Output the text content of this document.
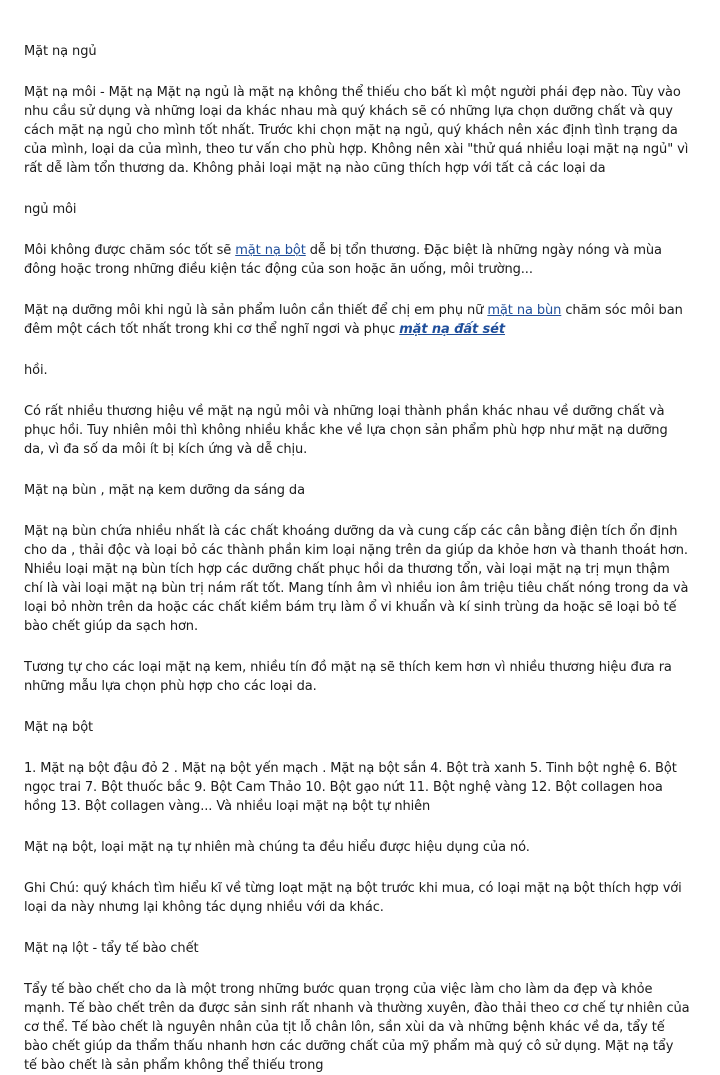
Mặt nạ ngủ

Mặt nạ môi - Mặt nạ Mặt nạ ngủ là mặt nạ không thể thiếu cho bất kì một người phái đẹp nào. Tùy vào nhu cầu sử dụng và những loại da khác nhau mà quý khách sẽ có những lựa chọn dưỡng chất và quy cách mặt nạ ngủ cho mình tốt nhất. Trước khi chọn mặt nạ ngủ, quý khách nên xác định tình trạng da của mình, loại da của mình, theo tư vấn cho phù hợp. Không nên xài "thử quá nhiều loại mặt nạ ngủ" vì rất dễ làm tổn thương da. Không phải loại mặt nạ nào cũng thích hợp với tất cả các loại da

ngủ môi

Môi không được chăm sóc tốt sẽ mặt nạ bột dễ bị tổn thương. Đặc biệt là những ngày nóng và mùa đông hoặc trong những điều kiện tác động của son hoặc ăn uống, môi trường...

Mặt nạ dưỡng môi khi ngủ là sản phẩm luôn cần thiết để chị em phụ nữ mặt na bùn chăm sóc môi ban đêm một cách tốt nhất trong khi cơ thể nghĩ ngơi và phục mặt nạ đất sét

hồi.

Có rất nhiều thương hiệu về mặt nạ ngủ môi và những loại thành phần khác nhau về dưỡng chất và phục hồi. Tuy nhiên môi thì không nhiều khắc khe về lựa chọn sản phẩm phù hợp như mặt nạ dưỡng da, vì đa số da môi ít bị kích ứng và dễ chịu.

Mặt nạ bùn , mặt nạ kem dưỡng da sáng da

Mặt nạ bùn chứa nhiều nhất là các chất khoáng dưỡng da và cung cấp các cân bằng điện tích ổn định cho da , thải độc và loại bỏ các thành phần kim loại nặng trên da giúp da khỏe hơn và thanh thoát hơn. Nhiều loại mặt nạ bùn tích hợp các dưỡng chất phục hồi da thương tổn, vài loại mặt nạ trị mụn thậm chí là vài loại mặt nạ bùn trị nám rất tốt. Mang tính âm vì nhiều ion âm triệu tiêu chất nóng trong da và loại bỏ nhờn trên da hoặc các chất kiềm bám trụ làm ổ vi khuẩn và kí sinh trùng da hoặc sẽ loại bỏ tế bào chết giúp da sạch hơn.

Tương tự cho các loại mặt nạ kem, nhiều tín đồ mặt nạ sẽ thích kem hơn vì nhiều thương hiệu đưa ra những mẫu lựa chọn phù hợp cho các loại da.

Mặt nạ bột

1. Mặt nạ bột đậu đỏ 2 . Mặt nạ bột yến mạch . Mặt nạ bột sắn 4. Bột trà xanh 5. Tinh bột nghệ 6. Bột ngọc trai 7. Bột thuốc bắc 9. Bột Cam Thảo 10. Bột gạo nứt 11. Bột nghệ vàng 12. Bột collagen hoa hồng 13. Bột collagen vàng... Và nhiều loại mặt nạ bột tự nhiên

Mặt nạ bột, loại mặt nạ tự nhiên mà chúng ta đều hiểu được hiệu dụng của nó.

Ghi Chú: quý khách tìm hiểu kĩ về từng loạt mặt nạ bột trước khi mua, có loại mặt nạ bột thích hợp với loại da này nhưng lại không tác dụng nhiều với da khác.

Mặt nạ lột - tẩy tế bào chết

Tẩy tế bào chết cho da là một trong những bước quan trọng của việc làm cho làm da đẹp và khỏe mạnh. Tế bào chết trên da được sản sinh rất nhanh và thường xuyên, đào thải theo cơ chế tự nhiên của cơ thể. Tế bào chết là nguyên nhân của tịt lỗ chân lôn, sần xùi da và những bệnh khác về da, tẩy tế bào chết giúp da thẩm thấu nhanh hơn các dưỡng chất của mỹ phẩm mà quý cô sử dụng. Mặt nạ tẩy tế bào chết là sản phẩm không thể thiếu trong
